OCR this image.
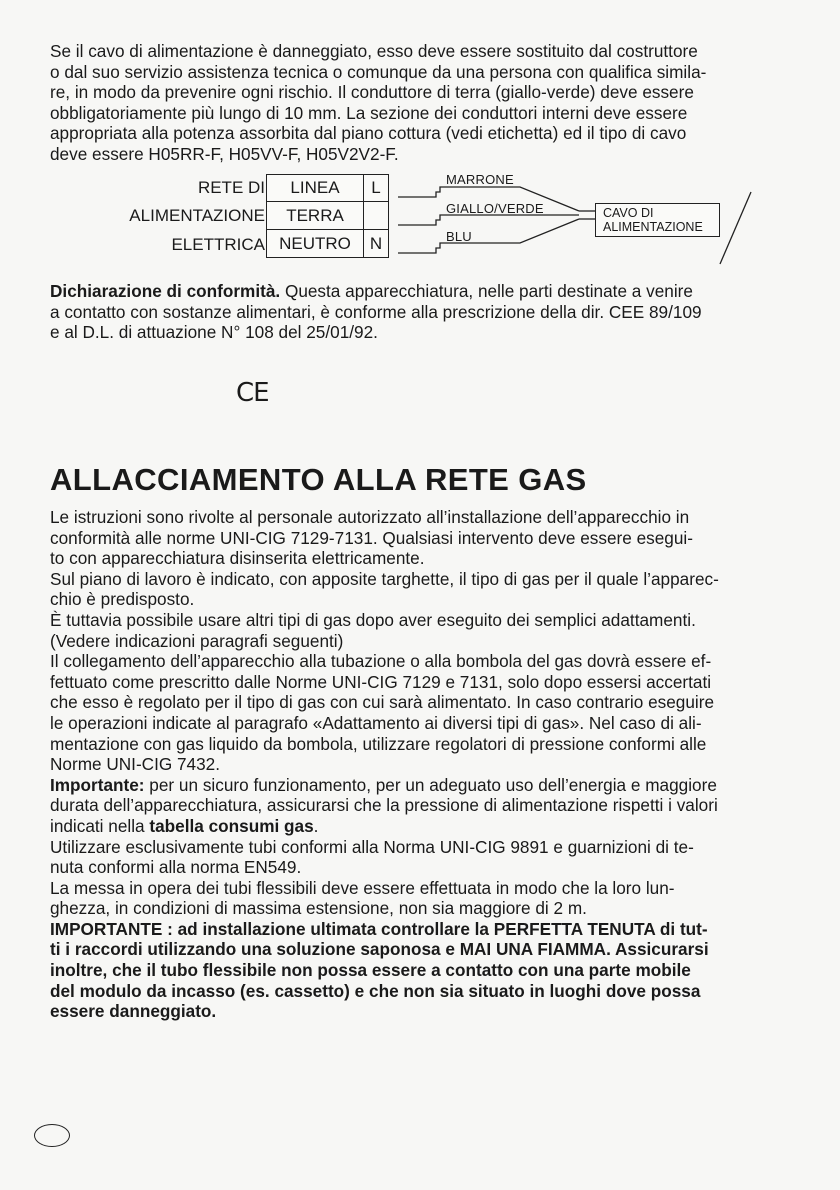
Se il cavo di alimentazione è danneggiato, esso deve essere sostituito dal costruttore
o dal suo servizio assistenza tecnica o comunque da una persona con qualifica simila-
re, in modo da prevenire ogni rischio. Il conduttore di terra (giallo-verde) deve essere
obbligatoriamente più lungo di 10 mm. La sezione dei conduttori interni deve essere
appropriata alla potenza assorbita dal piano cottura (vedi etichetta) ed il tipo di cavo
deve essere H05RR-F, H05VV-F, H05V2V2-F.
RETE DI
ALIMENTAZIONE
ELETTRICA
LINEA	L
TERRA
NEUTRO	N
MARRONE
GIALLO/VERDE
BLU
CAVO DI
ALIMENTAZIONE
Dichiarazione di conformità. Questa apparecchiatura, nelle parti destinate a venire
a contatto con sostanze alimentari, è conforme alla prescrizione della dir. CEE 89/109
e al D.L. di attuazione N° 108 del 25/01/92.
CE
ALLACCIAMENTO ALLA RETE GAS
Le istruzioni sono rivolte al personale autorizzato all’installazione dell’apparecchio in
conformità alle norme UNI-CIG 7129-7131. Qualsiasi intervento deve essere esegui-
to con apparecchiatura disinserita elettricamente.
Sul piano di lavoro è indicato, con apposite targhette, il tipo di gas per il quale l’apparec-
chio è predisposto.
È tuttavia possibile usare altri tipi di gas dopo aver eseguito dei semplici adattamenti.
(Vedere indicazioni paragrafi seguenti)
Il collegamento dell’apparecchio alla tubazione o alla bombola del gas dovrà essere ef-
fettuato come prescritto dalle Norme UNI-CIG 7129 e 7131, solo dopo essersi accertati
che esso è regolato per il tipo di gas con cui sarà alimentato. In caso contrario eseguire
le operazioni indicate al paragrafo «Adattamento ai diversi tipi di gas». Nel caso di ali-
mentazione con gas liquido da bombola, utilizzare regolatori di pressione conformi alle
Norme UNI-CIG 7432.
Importante: per un sicuro funzionamento, per un adeguato uso dell’energia e maggiore
durata dell’apparecchiatura, assicurarsi che la pressione di alimentazione rispetti i valori
indicati nella tabella consumi gas.
Utilizzare esclusivamente tubi conformi alla Norma UNI-CIG 9891 e guarnizioni di te-
nuta conformi alla norma EN549.
La messa in opera dei tubi flessibili deve essere effettuata in modo che la loro lun-
ghezza, in condizioni di massima estensione, non sia maggiore di 2 m.
IMPORTANTE : ad installazione ultimata controllare la PERFETTA TENUTA di tut-
ti i raccordi utilizzando una soluzione saponosa e MAI UNA FIAMMA. Assicurarsi
inoltre, che il tubo flessibile non possa essere a contatto con una parte mobile
del modulo da incasso (es. cassetto) e che non sia situato in luoghi dove possa
essere danneggiato.
